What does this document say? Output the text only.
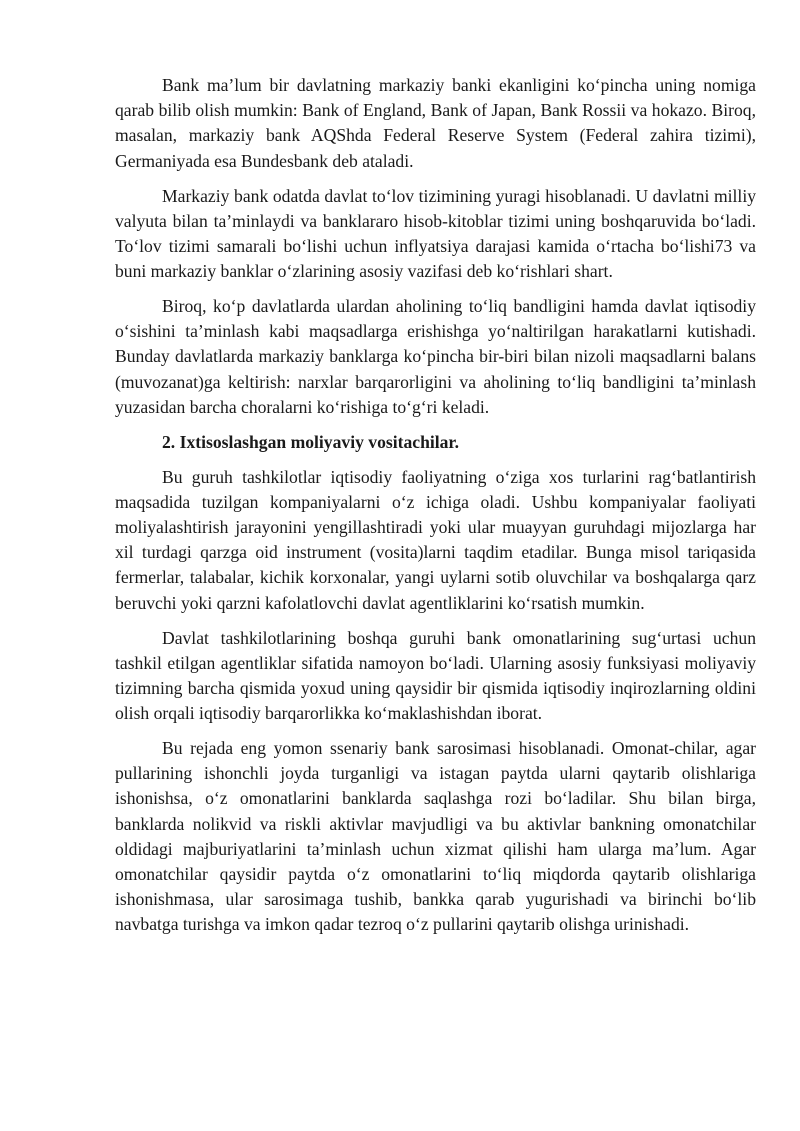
Bank maʼlum bir davlatning markaziy banki ekanligini koʻpincha uning nomiga qarab bilib olish mumkin: Bank of England, Bank of Japan, Bank Rossii va hokazo. Biroq, masalan, markaziy bank AQShda Federal Reserve System (Federal zahira tizimi), Germaniyada esa Bundesbank deb ataladi.

Markaziy bank odatda davlat toʻlov tizimining yuragi hisoblanadi. U davlatni milliy valyuta bilan taʼminlaydi va banklararo hisob-kitoblar tizimi uning boshqaruvida boʻladi. Toʻlov tizimi samarali boʻlishi uchun inflyatsiya darajasi kamida oʻrtacha boʻlishi73 va buni markaziy banklar oʻzlarining asosiy vazifasi deb koʻrishlari shart.

Biroq, koʻp davlatlarda ulardan aholining toʻliq bandligini hamda davlat iqtisodiy oʻsishini taʼminlash kabi maqsadlarga erishishga yoʻnaltirilgan harakatlarni kutishadi. Bunday davlatlarda markaziy banklarga koʻpincha bir-biri bilan nizoli maqsadlarni balans (muvozanat)ga keltirish: narxlar barqarorligini va aholining toʻliq bandligini taʼminlash yuzasidan barcha choralarni koʻrishiga toʻgʻri keladi.

2. Ixtisoslashgan moliyaviy vositachilar.

Bu guruh tashkilotlar iqtisodiy faoliyatning oʻziga xos turlarini ragʻbatlantirish maqsadida tuzilgan kompaniyalarni oʻz ichiga oladi. Ushbu kompaniyalar faoliyati moliyalashtirish jarayonini yengillashtiradi yoki ular muayyan guruhdagi mijozlarga har xil turdagi qarzga oid instrument (vosita)larni taqdim etadilar. Bunga misol tariqasida fermerlar, talabalar, kichik korxonalar, yangi uylarni sotib oluvchilar va boshqalarga qarz beruvchi yoki qarzni kafolatlovchi davlat agentliklarini koʻrsatish mumkin.

Davlat tashkilotlarining boshqa guruhi bank omonatlarining sugʻurtasi uchun tashkil etilgan agentliklar sifatida namoyon boʻladi. Ularning asosiy funksiyasi moliyaviy tizimning barcha qismida yoxud uning qaysidir bir qismida iqtisodiy inqirozlarning oldini olish orqali iqtisodiy barqarorlikka koʻmaklashishdan iborat.

Bu rejada eng yomon ssenariy bank sarosimasi hisoblanadi. Omonat-chilar, agar pullarining ishonchli joyda turganligi va istagan paytda ularni qaytarib olishlariga ishonishsa, oʻz omonatlarini banklarda saqlashga rozi boʻladilar. Shu bilan birga, banklarda nolikvid va riskli aktivlar mavjudligi va bu aktivlar bankning omonatchilar oldidagi majburiyatlarini taʼminlash uchun xizmat qilishi ham ularga maʼlum. Agar omonatchilar qaysidir paytda oʻz omonatlarini toʻliq miqdorda qaytarib olishlariga ishonishmasa, ular sarosimaga tushib, bankka qarab yugurishadi va birinchi boʻlib navbatga turishga va imkon qadar tezroq oʻz pullarini qaytarib olishga urinishadi.
